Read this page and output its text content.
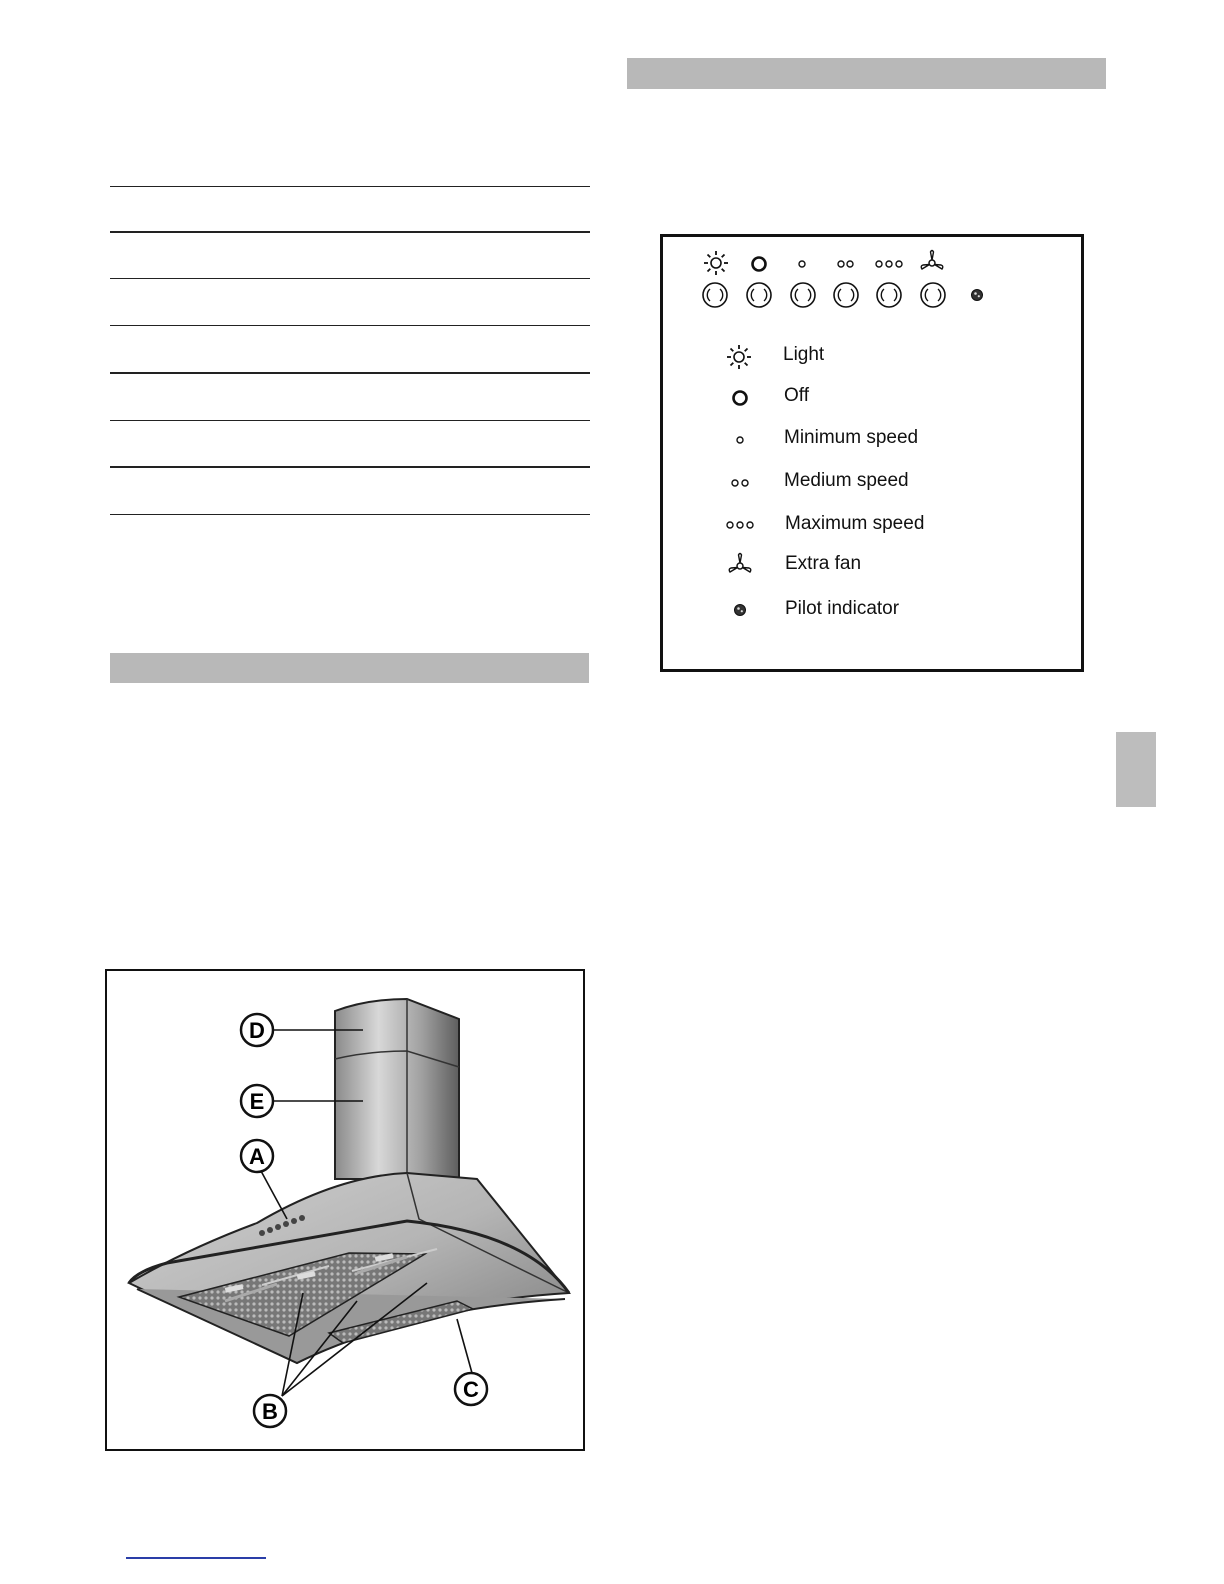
Light
Off
Minimum speed
Medium speed
Maximum speed
Extra fan
Pilot indicator
D
E
A
B
C
